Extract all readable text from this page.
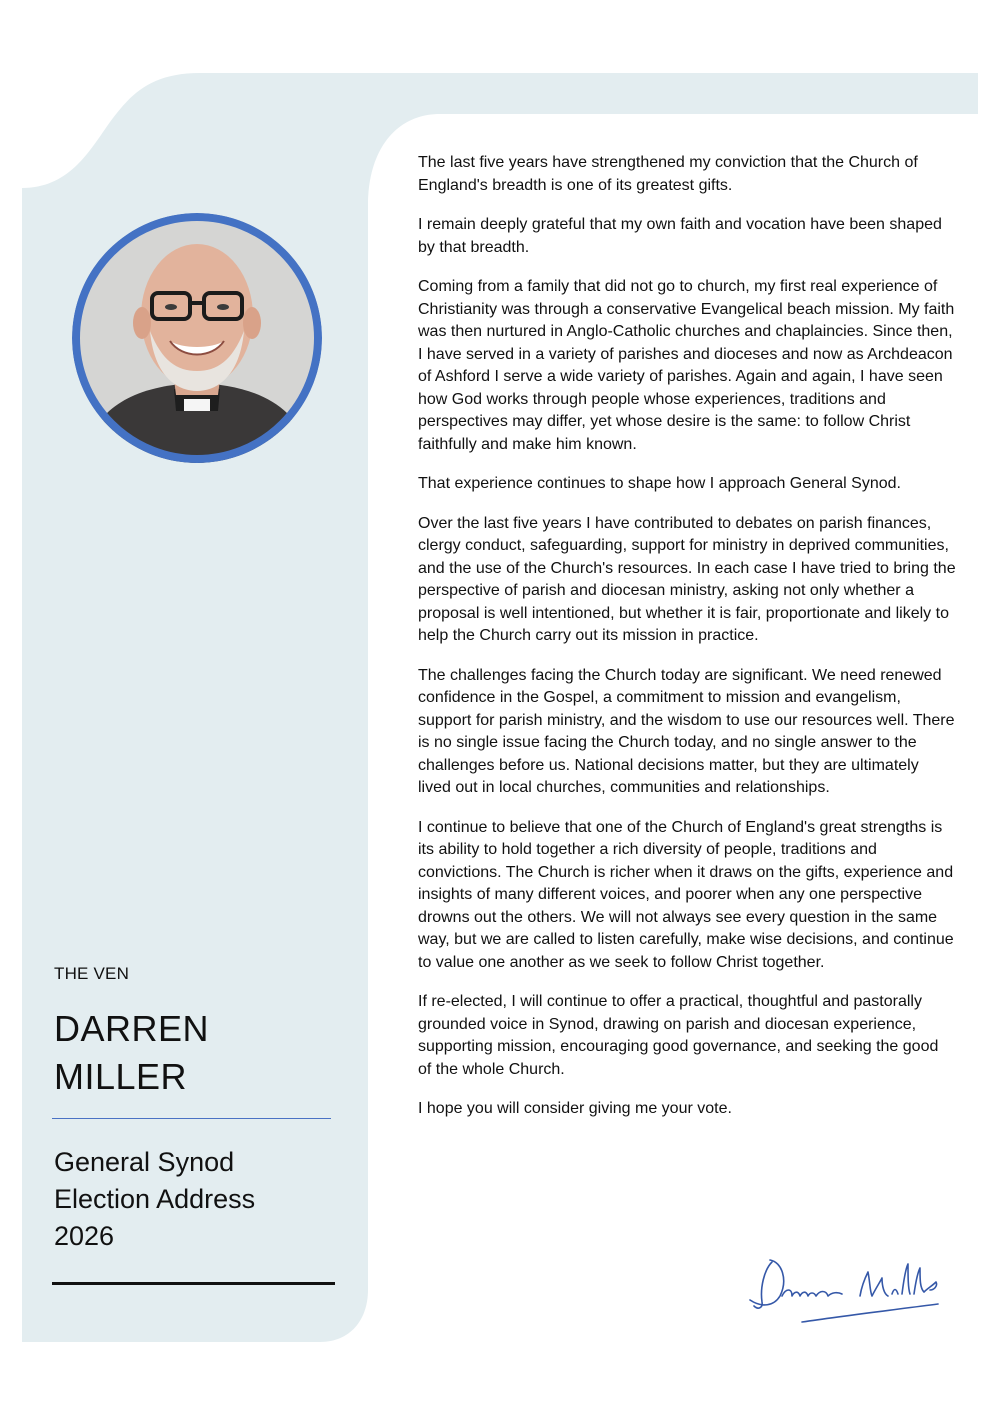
THE VEN
DARREN
MILLER
General Synod
Election Address
2026

The last five years have strengthened my conviction that the Church of England's breadth is one of its greatest gifts.

I remain deeply grateful that my own faith and vocation have been shaped by that breadth.

Coming from a family that did not go to church, my first real experience of Christianity was through a conservative Evangelical beach mission. My faith was then nurtured in Anglo-Catholic churches and chaplaincies. Since then, I have served in a variety of parishes and dioceses and now as Archdeacon of Ashford I serve a wide variety of parishes. Again and again, I have seen how God works through people whose experiences, traditions and perspectives may differ, yet whose desire is the same: to follow Christ faithfully and make him known.

That experience continues to shape how I approach General Synod.

Over the last five years I have contributed to debates on parish finances, clergy conduct, safeguarding, support for ministry in deprived communities, and the use of the Church's resources. In each case I have tried to bring the perspective of parish and diocesan ministry, asking not only whether a proposal is well intentioned, but whether it is fair, proportionate and likely to help the Church carry out its mission in practice.

The challenges facing the Church today are significant. We need renewed confidence in the Gospel, a commitment to mission and evangelism, support for parish ministry, and the wisdom to use our resources well. There is no single issue facing the Church today, and no single answer to the challenges before us. National decisions matter, but they are ultimately lived out in local churches, communities and relationships.

I continue to believe that one of the Church of England's great strengths is its ability to hold together a rich diversity of people, traditions and convictions. The Church is richer when it draws on the gifts, experience and insights of many different voices, and poorer when any one perspective drowns out the others. We will not always see every question in the same way, but we are called to listen carefully, make wise decisions, and continue to value one another as we seek to follow Christ together.

If re-elected, I will continue to offer a practical, thoughtful and pastorally grounded voice in Synod, drawing on parish and diocesan experience, supporting mission, encouraging good governance, and seeking the good of the whole Church.

I hope you will consider giving me your vote.
